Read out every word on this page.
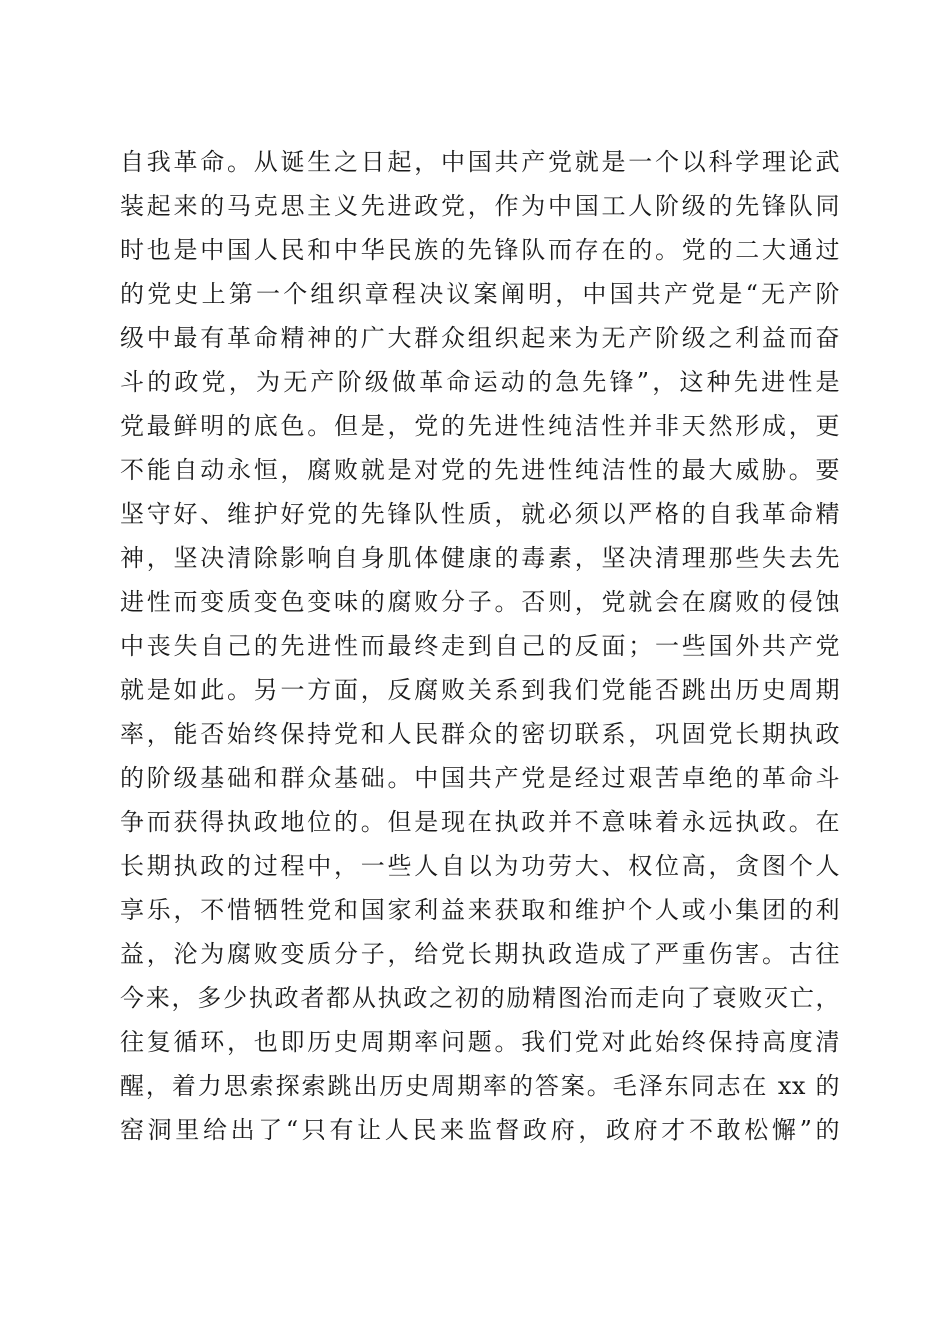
自我革命。从诞生之日起，中国共产党就是一个以科学理论武
装起来的马克思主义先进政党，作为中国工人阶级的先锋队同
时也是中国人民和中华民族的先锋队而存在的。党的二大通过
的党史上第一个组织章程决议案阐明，中国共产党是“无产阶
级中最有革命精神的广大群众组织起来为无产阶级之利益而奋
斗的政党，为无产阶级做革命运动的急先锋”，这种先进性是
党最鲜明的底色。但是，党的先进性纯洁性并非天然形成，更
不能自动永恒，腐败就是对党的先进性纯洁性的最大威胁。要
坚守好、维护好党的先锋队性质，就必须以严格的自我革命精
神，坚决清除影响自身肌体健康的毒素，坚决清理那些失去先
进性而变质变色变味的腐败分子。否则，党就会在腐败的侵蚀
中丧失自己的先进性而最终走到自己的反面；一些国外共产党
就是如此。另一方面，反腐败关系到我们党能否跳出历史周期
率，能否始终保持党和人民群众的密切联系，巩固党长期执政
的阶级基础和群众基础。中国共产党是经过艰苦卓绝的革命斗
争而获得执政地位的。但是现在执政并不意味着永远执政。在
长期执政的过程中，一些人自以为功劳大、权位高，贪图个人
享乐，不惜牺牲党和国家利益来获取和维护个人或小集团的利
益，沦为腐败变质分子，给党长期执政造成了严重伤害。古往
今来，多少执政者都从执政之初的励精图治而走向了衰败灭亡，
往复循环，也即历史周期率问题。我们党对此始终保持高度清
醒，着力思索探索跳出历史周期率的答案。毛泽东同志在 xx 的
窑洞里给出了“只有让人民来监督政府，政府才不敢松懈”的
